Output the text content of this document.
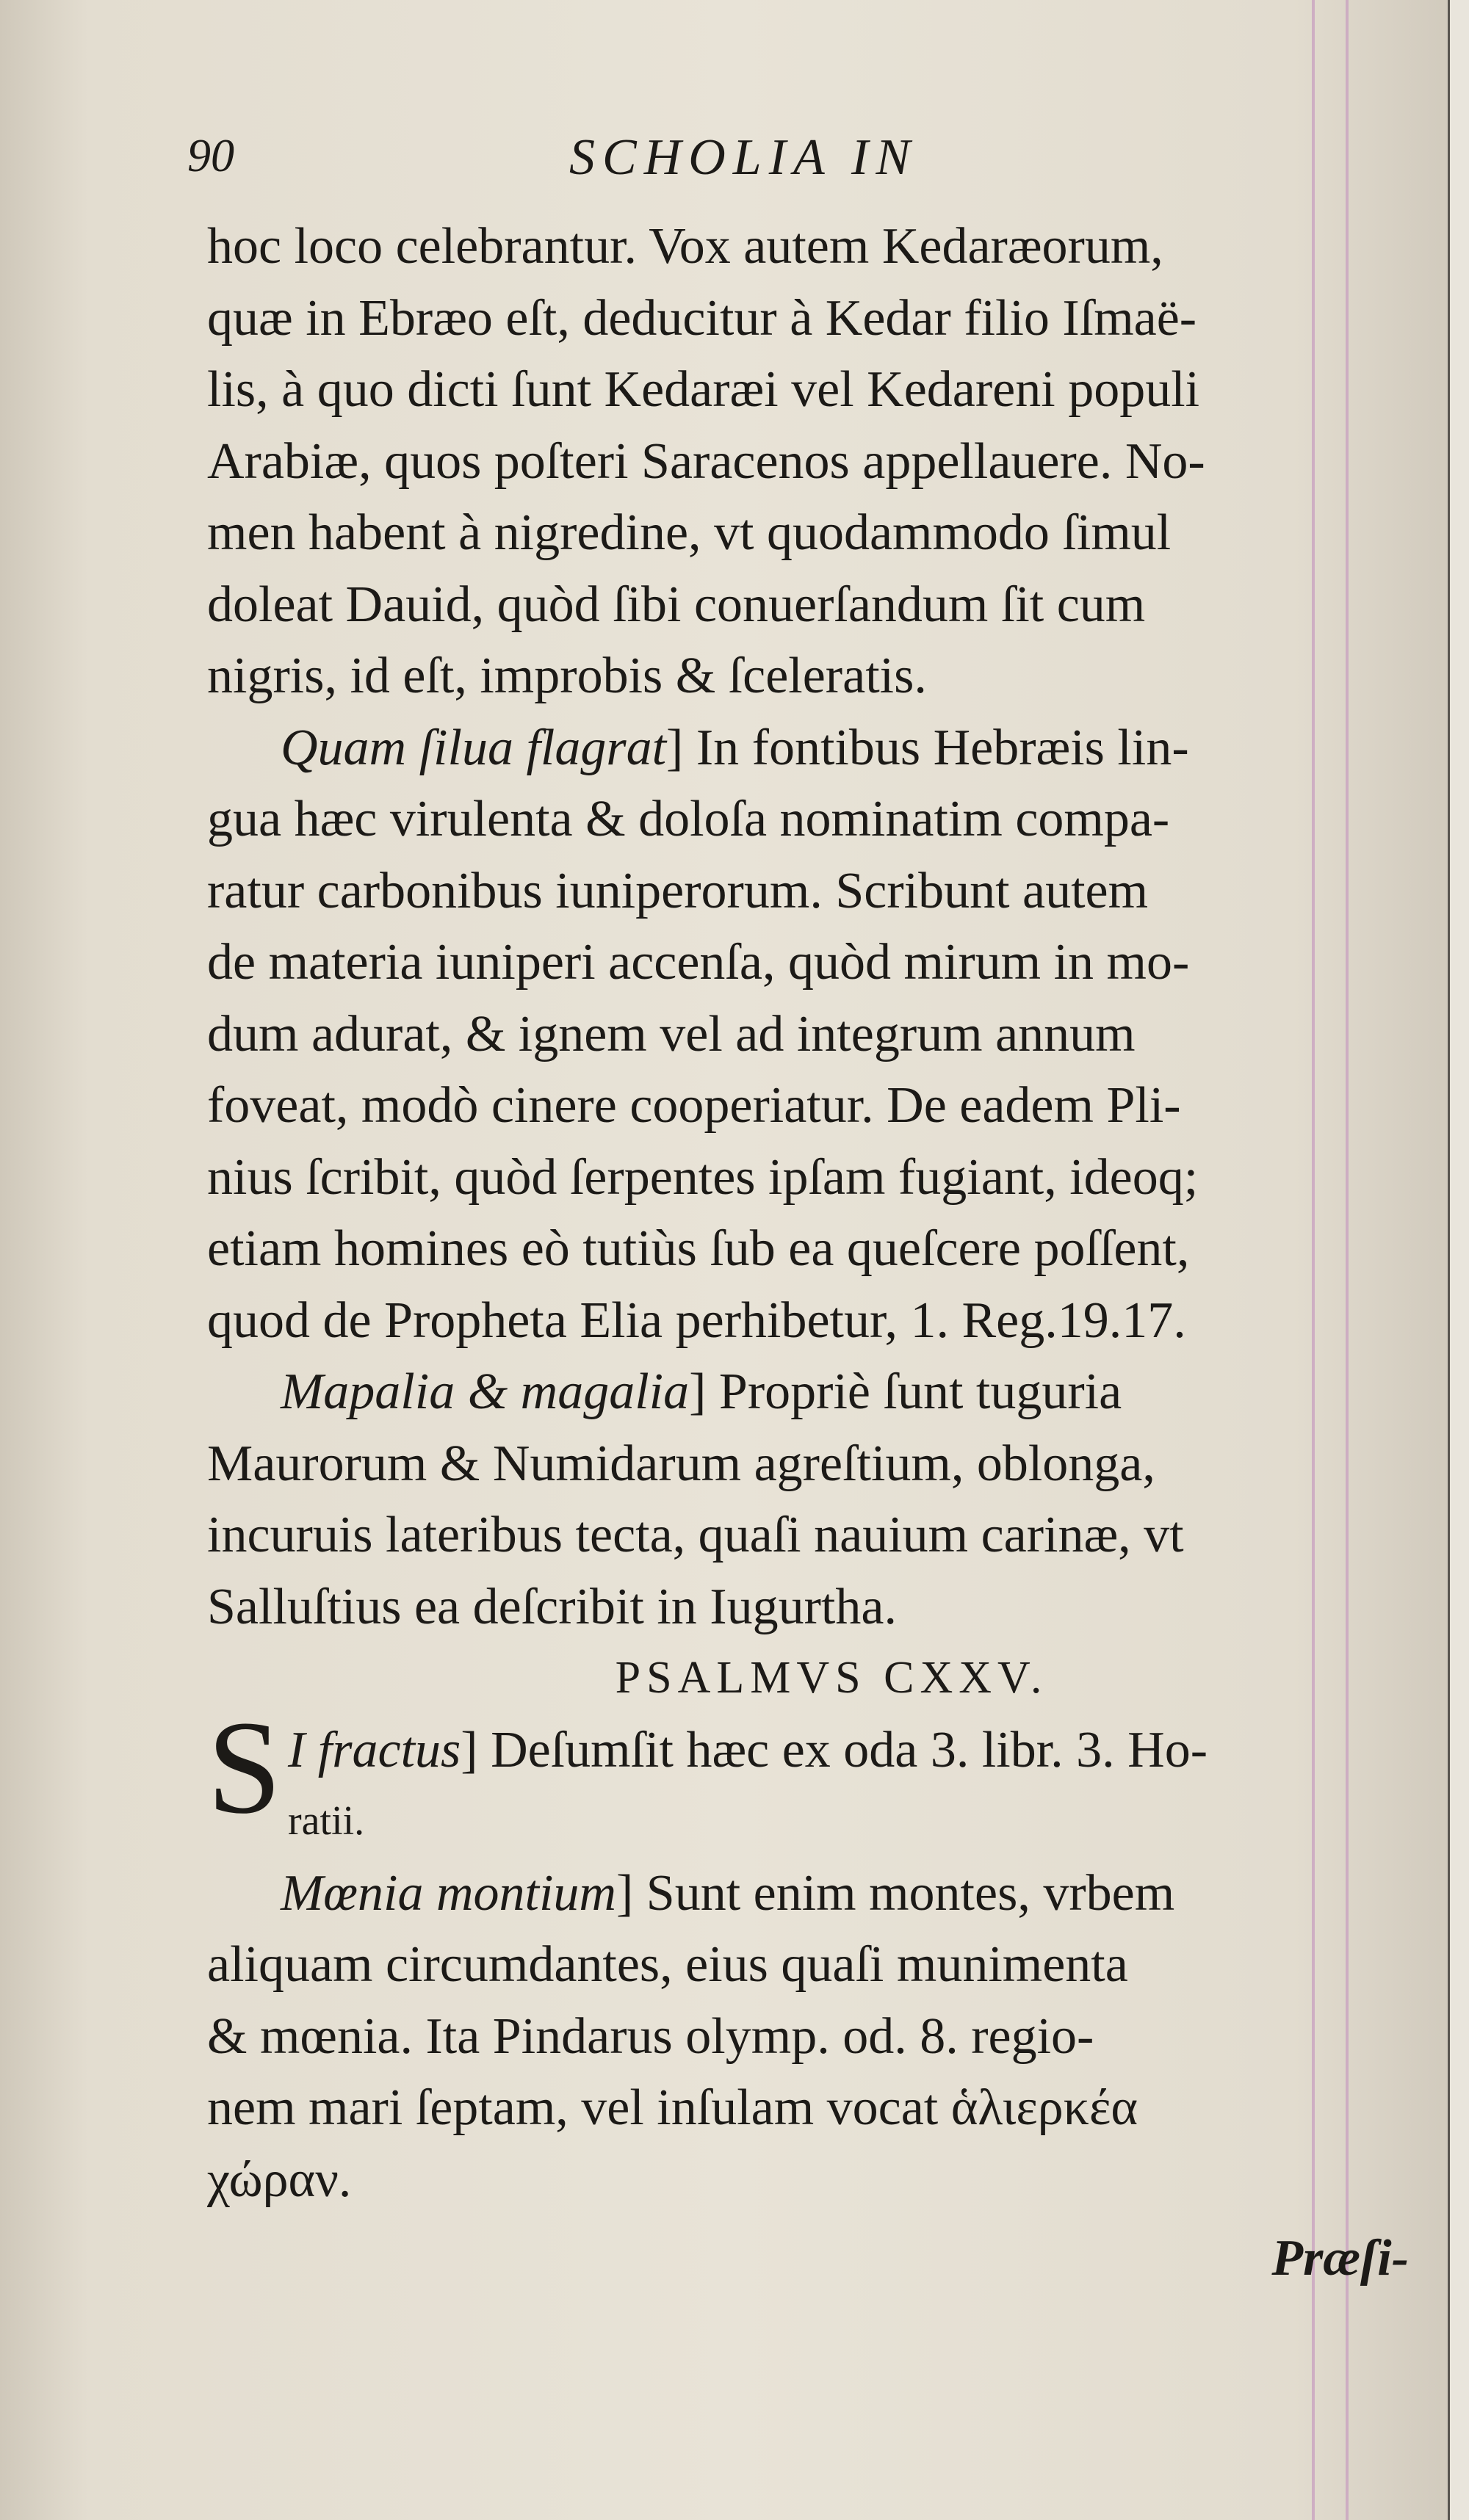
90	SCHOLIA IN
hoc loco celebrantur. Vox autem Kedaræorum,
quæ in Ebræo eſt, deducitur à Kedar filio Iſmaë-
lis, à quo dicti ſunt Kedaræi vel Kedareni populi
Arabiæ, quos poſteri Saracenos appellauere. No-
men habent à nigredine, vt quodammodo ſimul
doleat Dauid, quòd ſibi conuerſandum ſit cum
nigris, id eſt, improbis & ſceleratis.
Quam ſilua flagrat] In fontibus Hebræis lin-
gua hæc virulenta & doloſa nominatim compa-
ratur carbonibus iuniperorum. Scribunt autem
de materia iuniperi accenſa, quòd mirum in mo-
dum adurat, & ignem vel ad integrum annum
foveat, modò cinere cooperiatur. De eadem Pli-
nius ſcribit, quòd ſerpentes ipſam fugiant, ideoq;
etiam homines eò tutiùs ſub ea queſcere poſſent,
quod de Propheta Elia perhibetur, 1. Reg.19.17.
Mapalia & magalia] Propriè ſunt tuguria
Maurorum & Numidarum agreſtium, oblonga,
incuruis lateribus tecta, quaſi nauium carinæ, vt
Salluſtius ea deſcribit in Iugurtha.
PSALMVS CXXV.
S I fractus] Deſumſit hæc ex oda 3. libr. 3. Ho-
ratii.
Mœnia montium] Sunt enim montes, vrbem
aliquam circumdantes, eius quaſi munimenta
& mœnia. Ita Pindarus olymp. od. 8. regio-
nem mari ſeptam, vel inſulam vocat ἁλιερκέα
χώραν.
Præſi-
